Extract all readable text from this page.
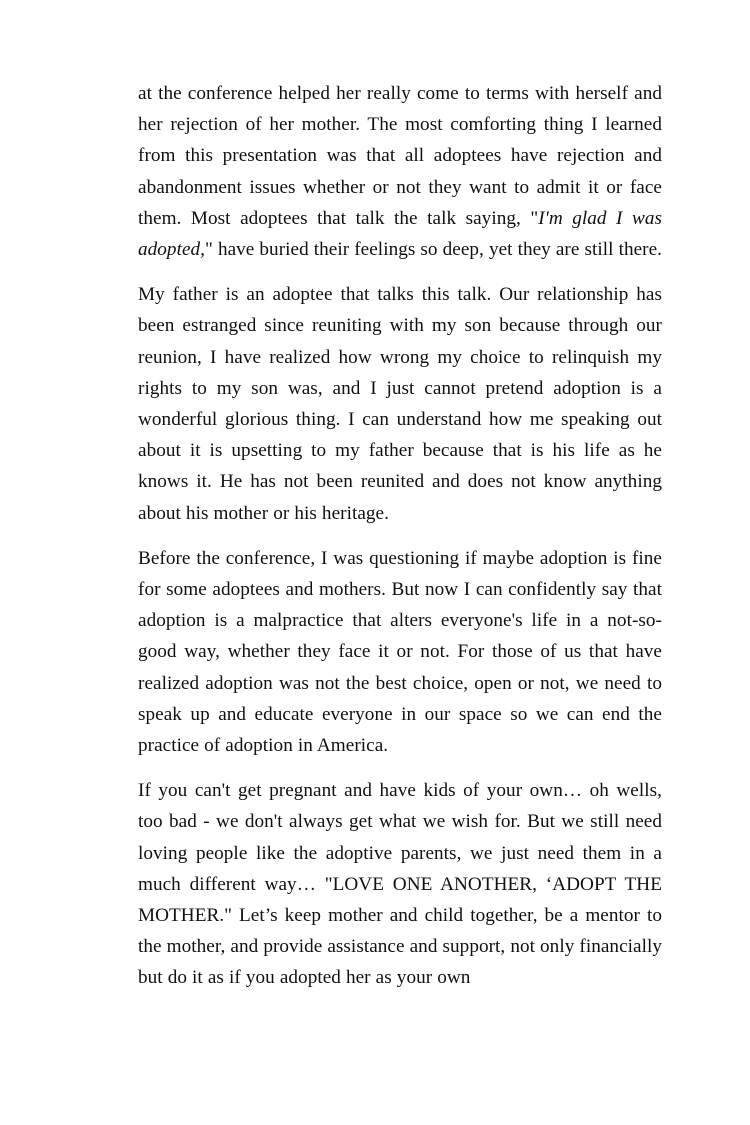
at the conference helped her really come to terms with herself and her rejection of her mother. The most comforting thing I learned from this presentation was that all adoptees have rejection and abandonment issues whether or not they want to admit it or face them. Most adoptees that talk the talk saying, "I'm glad I was adopted," have buried their feelings so deep, yet they are still there.

My father is an adoptee that talks this talk. Our relationship has been estranged since reuniting with my son because through our reunion, I have realized how wrong my choice to relinquish my rights to my son was, and I just cannot pretend adoption is a wonderful glorious thing. I can understand how me speaking out about it is upsetting to my father because that is his life as he knows it. He has not been reunited and does not know anything about his mother or his heritage.

Before the conference, I was questioning if maybe adoption is fine for some adoptees and mothers. But now I can confidently say that adoption is a malpractice that alters everyone's life in a not-so-good way, whether they face it or not. For those of us that have realized adoption was not the best choice, open or not, we need to speak up and educate everyone in our space so we can end the practice of adoption in America.

If you can't get pregnant and have kids of your own… oh wells, too bad - we don't always get what we wish for. But we still need loving people like the adoptive parents, we just need them in a much different way… "LOVE ONE ANOTHER, ‘ADOPT THE MOTHER." Let’s keep mother and child together, be a mentor to the mother, and provide assistance and support, not only financially but do it as if you adopted her as your own
